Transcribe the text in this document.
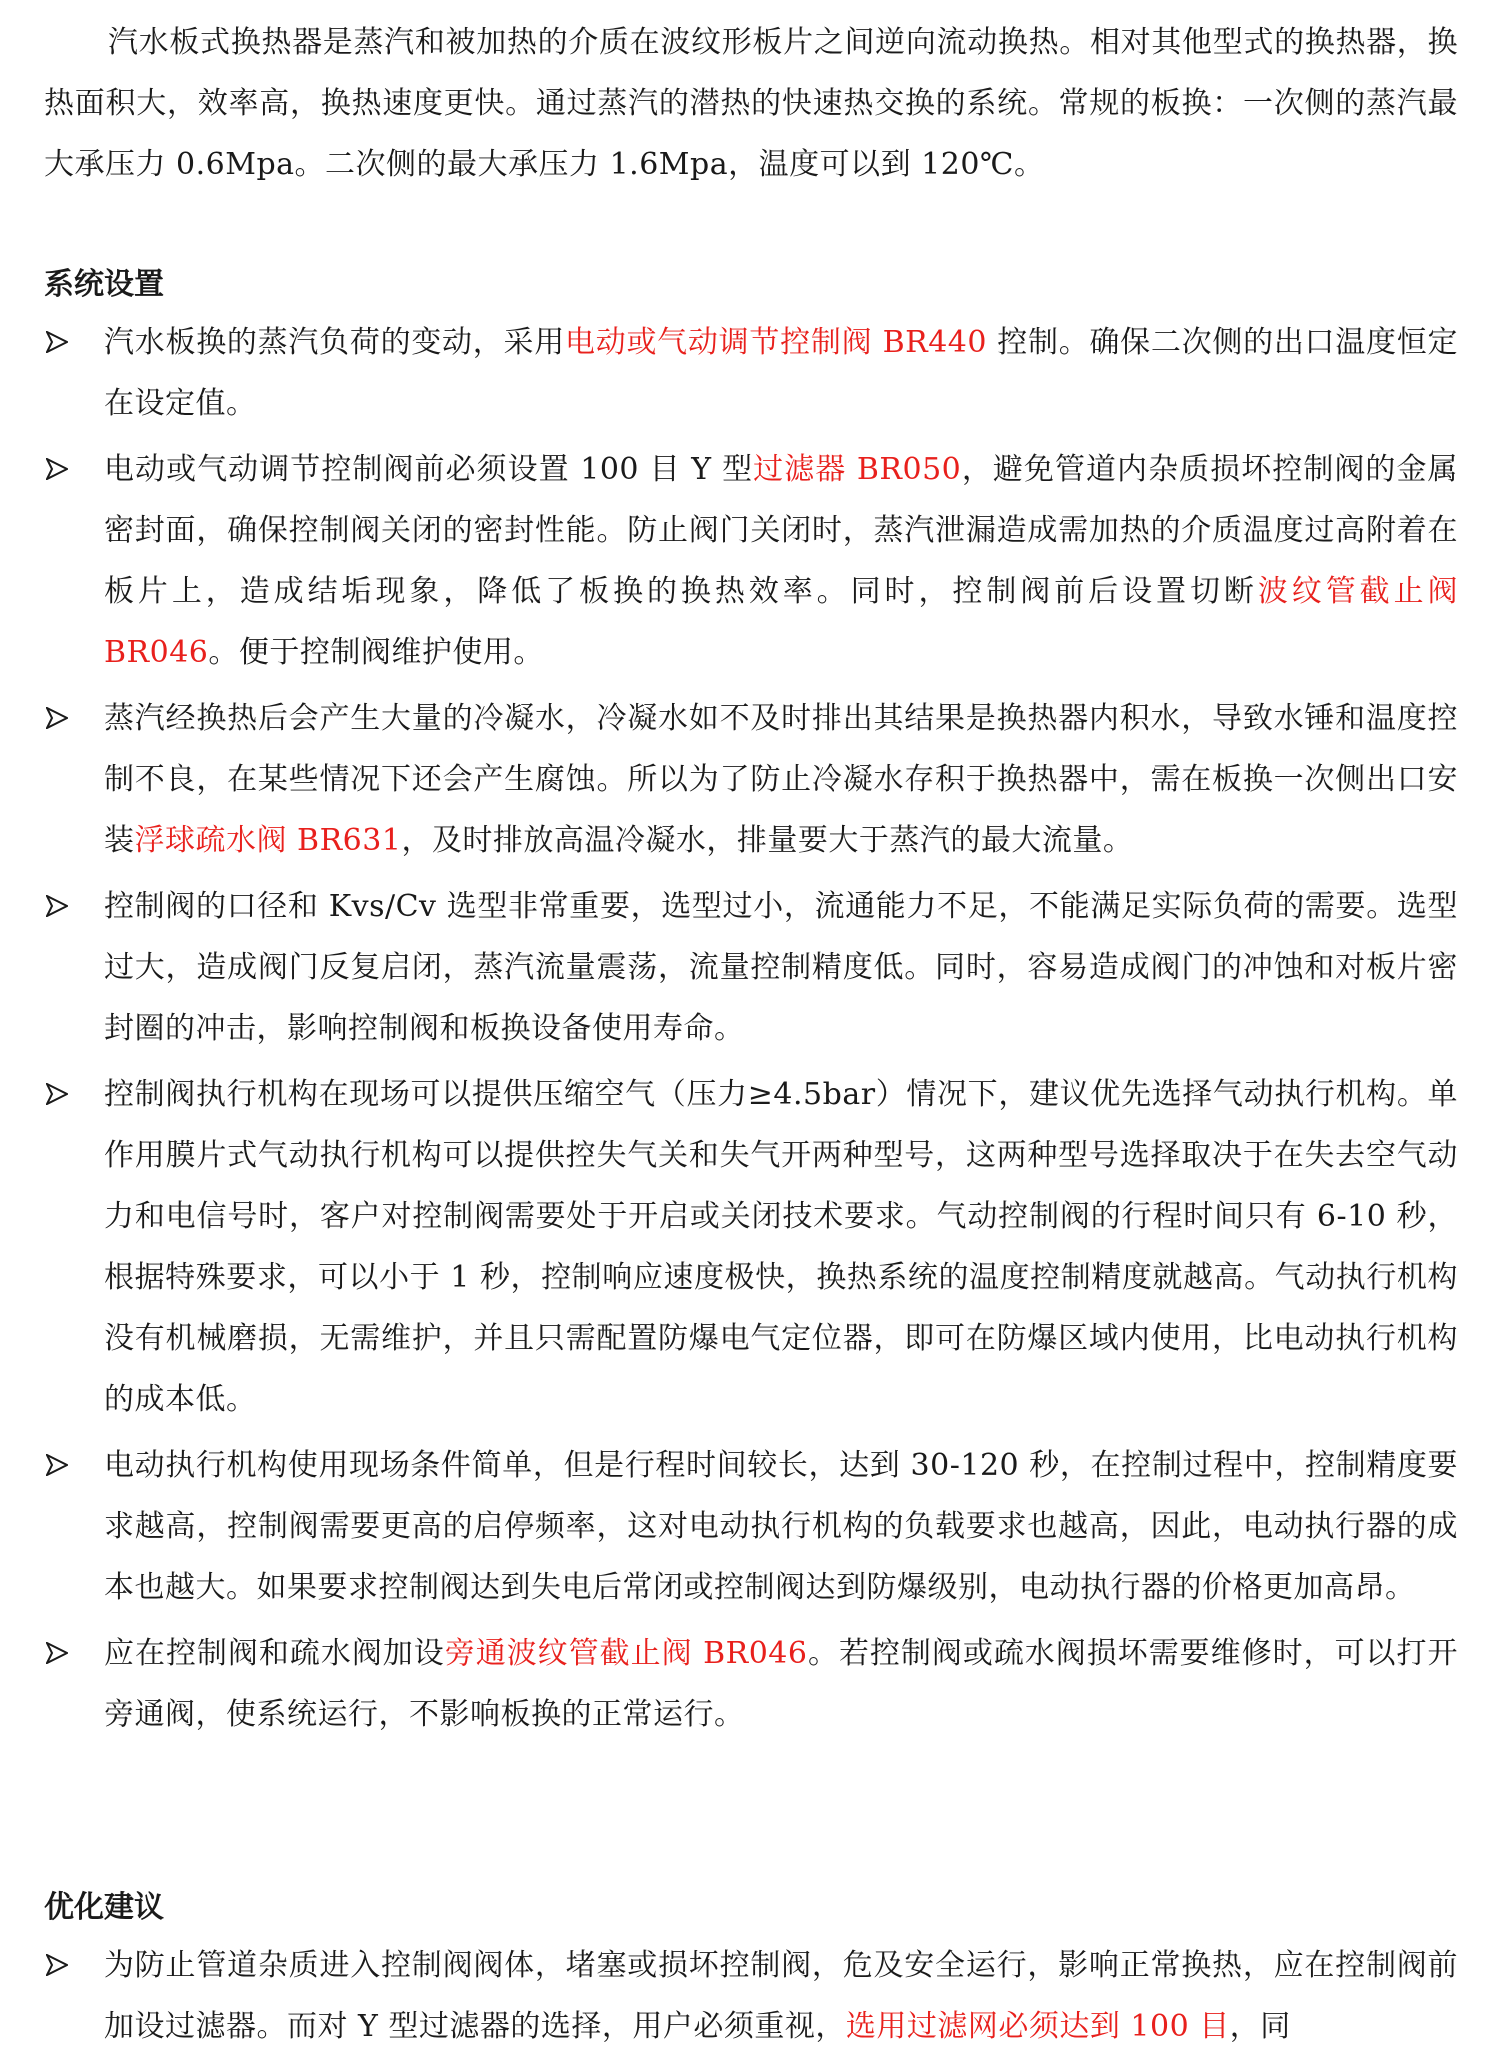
汽水板式换热器是蒸汽和被加热的介质在波纹形板片之间逆向流动换热。相对其他型式的换热器，换热面积大，效率高，换热速度更快。通过蒸汽的潜热的快速热交换的系统。常规的板换：一次侧的蒸汽最大承压力 0.6Mpa。二次侧的最大承压力 1.6Mpa，温度可以到 120℃。

系统设置
汽水板换的蒸汽负荷的变动，采用电动或气动调节控制阀 BR440 控制。确保二次侧的出口温度恒定在设定值。
电动或气动调节控制阀前必须设置 100 目 Y 型过滤器 BR050，避免管道内杂质损坏控制阀的金属密封面，确保控制阀关闭的密封性能。防止阀门关闭时，蒸汽泄漏造成需加热的介质温度过高附着在板片上，造成结垢现象，降低了板换的换热效率。同时，控制阀前后设置切断波纹管截止阀 BR046。便于控制阀维护使用。
蒸汽经换热后会产生大量的冷凝水，冷凝水如不及时排出其结果是换热器内积水，导致水锤和温度控制不良，在某些情况下还会产生腐蚀。所以为了防止冷凝水存积于换热器中，需在板换一次侧出口安装浮球疏水阀 BR631，及时排放高温冷凝水，排量要大于蒸汽的最大流量。
控制阀的口径和 Kvs/Cv 选型非常重要，选型过小，流通能力不足，不能满足实际负荷的需要。选型过大，造成阀门反复启闭，蒸汽流量震荡，流量控制精度低。同时，容易造成阀门的冲蚀和对板片密封圈的冲击，影响控制阀和板换设备使用寿命。
控制阀执行机构在现场可以提供压缩空气（压力≥4.5bar）情况下，建议优先选择气动执行机构。单作用膜片式气动执行机构可以提供控失气关和失气开两种型号，这两种型号选择取决于在失去空气动力和电信号时，客户对控制阀需要处于开启或关闭技术要求。气动控制阀的行程时间只有 6-10 秒，根据特殊要求，可以小于 1 秒，控制响应速度极快，换热系统的温度控制精度就越高。气动执行机构没有机械磨损，无需维护，并且只需配置防爆电气定位器，即可在防爆区域内使用，比电动执行机构的成本低。
电动执行机构使用现场条件简单，但是行程时间较长，达到 30-120 秒，在控制过程中，控制精度要求越高，控制阀需要更高的启停频率，这对电动执行机构的负载要求也越高，因此，电动执行器的成本也越大。如果要求控制阀达到失电后常闭或控制阀达到防爆级别，电动执行器的价格更加高昂。
应在控制阀和疏水阀加设旁通波纹管截止阀 BR046。若控制阀或疏水阀损坏需要维修时，可以打开旁通阀，使系统运行，不影响板换的正常运行。
优化建议
为防止管道杂质进入控制阀阀体，堵塞或损坏控制阀，危及安全运行，影响正常换热，应在控制阀前加设过滤器。而对 Y 型过滤器的选择，用户必须重视，选用过滤网必须达到 100 目，同
